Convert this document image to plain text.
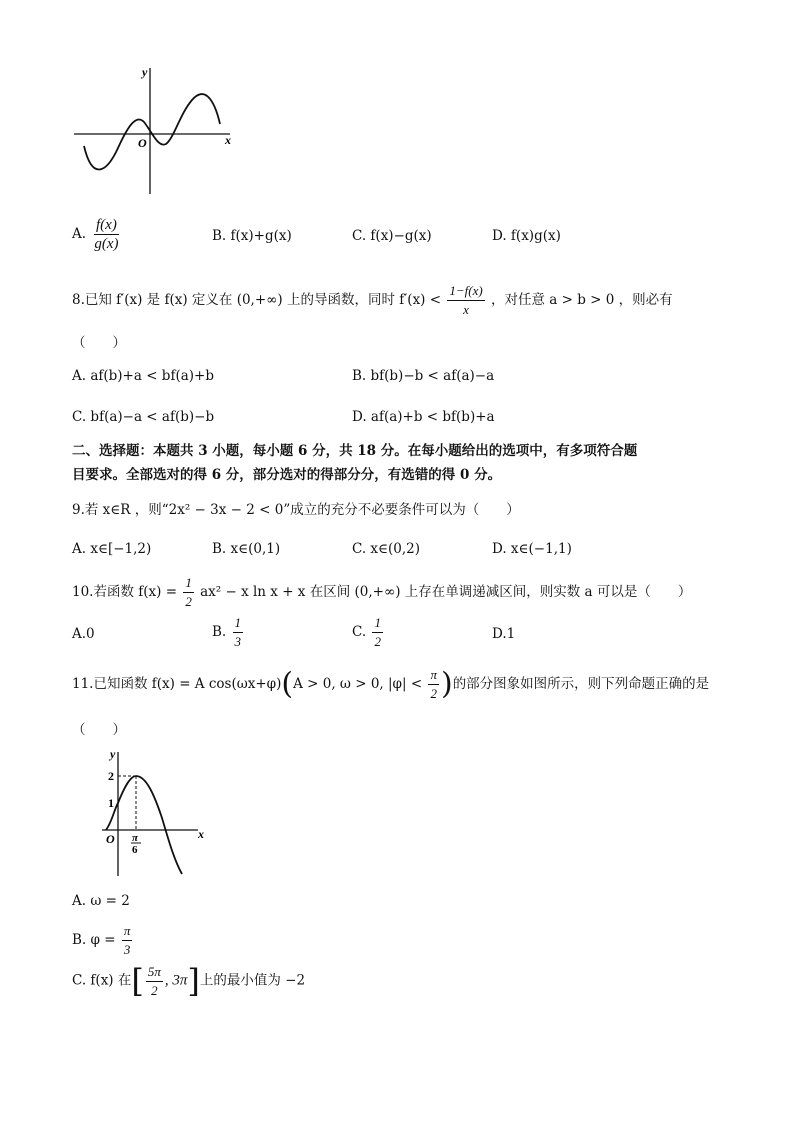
x
y
O
A. $\frac{f(x)}{g(x)}$	B. f(x)+g(x)	C. f(x)−g(x)	D. f(x)g(x)
8.已知 f′(x) 是 f(x) 定义在 (0,+∞) 上的导函数，同时 $f'(x) < \frac{1-f(x)}{x}$ ，对任意 a > b > 0 ，则必有
（　　）
A. af(b)+a < bf(a)+b	B. bf(b)−b < af(a)−a
C. bf(a)−a < af(b)−b	D. af(a)+b < bf(b)+a
二、选择题：本题共 3 小题，每小题 6 分，共 18 分。在每小题给出的选项中，有多项符合题
目要求。全部选对的得 6 分，部分选对的得部分分，有选错的得 0 分。
9.若 x∈R ，则“2x² − 3x − 2 < 0”成立的充分不必要条件可以为（　　）
A. x∈[−1,2)	B. x∈(0,1)	C. x∈(0,2)	D. x∈(−1,1)
10.若函数 $f(x) = \frac{1}{2} ax^2 - x$ ln x + x 在区间 (0,+∞) 上存在单调递减区间，则实数 a 可以是（　　）
A.0	B. $\frac{1}{3}$	C. $\frac{1}{2}$	D.1
11.已知函数 f(x) = A cos(ωx+φ)(A > 0, ω > 0, $|\varphi| < \frac{\pi}{2}$ )的部分图象如图所示，则下列命题正确的是
（　　）
x
y
O
1
2
π
6
A. ω = 2
B. $\varphi = \frac{\pi}{3}$
C. f(x) 在[ $\frac{5\pi}{2}$ , 3π]上的最小值为 −2
